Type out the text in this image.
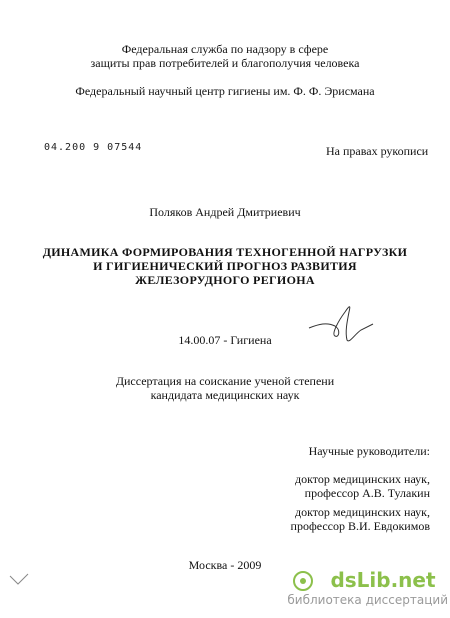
Федеральная служба по надзору в сфере
защиты прав потребителей и благополучия человека
Федеральный научный центр гигиены им. Ф. Ф. Эрисмана
04.200 9 07544	На правах рукописи
Поляков Андрей Дмитриевич
ДИНАМИКА ФОРМИРОВАНИЯ ТЕХНОГЕННОЙ НАГРУЗКИ
И ГИГИЕНИЧЕСКИЙ ПРОГНОЗ РАЗВИТИЯ
ЖЕЛЕЗОРУДНОГО РЕГИОНА
14.00.07 - Гигиена
Диссертация на соискание ученой степени
кандидата медицинских наук
Научные руководители:
доктор медицинских наук,
профессор А.В. Тулакин
доктор медицинских наук,
профессор В.И. Евдокимов
Москва - 2009
dsLib.net
библиотека диссертаций
